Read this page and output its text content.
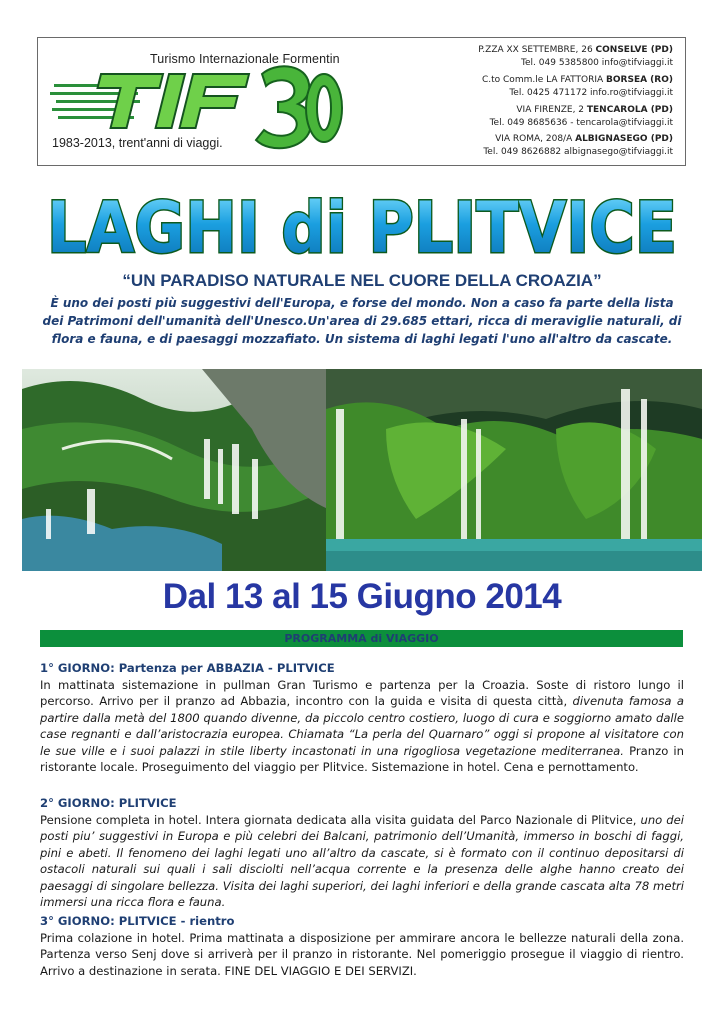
Turismo Internazionale Formentin
1983-2013, trent'anni di viaggi.
P.ZZA XX SETTEMBRE, 26 CONSELVE (PD)
Tel. 049 5385800 info@tifviaggi.it
C.to Comm.le LA FATTORIA BORSEA (RO)
Tel. 0425 471172 info.ro@tifviaggi.it
VIA FIRENZE, 2 TENCAROLA (PD)
Tel. 049 8685636 - tencarola@tifviaggi.it
VIA ROMA, 208/A ALBIGNASEGO (PD)
Tel. 049 8626882 albignasego@tifviaggi.it
LAGHI di PLITVICE
“UN PARADISO NATURALE NEL CUORE DELLA CROAZIA”
È uno dei posti più suggestivi dell'Europa, e forse del mondo. Non a caso fa parte della lista dei Patrimoni dell'umanità dell'Unesco.Un'area di 29.685 ettari, ricca di meraviglie naturali, di flora e fauna, e di paesaggi mozzafiato. Un sistema di laghi legati l'uno all'altro da cascate.
Dal 13 al 15 Giugno 2014
PROGRAMMA di VIAGGIO
1° GIORNO: Partenza per ABBAZIA - PLITVICE

In mattinata sistemazione in pullman Gran Turismo e partenza per la Croazia. Soste di ristoro lungo il percorso. Arrivo per il pranzo ad Abbazia, incontro con la guida e visita di questa città, divenuta famosa a partire dalla metà del 1800 quando divenne, da piccolo centro costiero, luogo di cura e soggiorno amato dalle case regnanti e dall’aristocrazia europea. Chiamata “La perla del Quarnaro” oggi si propone al visitatore con le sue ville e i suoi palazzi in stile liberty incastonati in una rigogliosa vegetazione mediterranea. Pranzo in ristorante locale. Proseguimento del viaggio per Plitvice. Sistemazione in hotel. Cena e pernottamento.

2° GIORNO: PLITVICE

Pensione completa in hotel. Intera giornata dedicata alla visita guidata del Parco Nazionale di Plitvice, uno dei posti piu’ suggestivi in Europa e più celebri dei Balcani, patrimonio dell’Umanità, immerso in boschi di faggi, pini e abeti. Il fenomeno dei laghi legati uno all’altro da cascate, si è formato con il continuo depositarsi di ostacoli naturali sui quali i sali disciolti nell’acqua corrente e la presenza delle alghe hanno creato dei paesaggi di singolare bellezza. Visita dei laghi superiori, dei laghi inferiori e della grande cascata alta 78 metri immersi una ricca flora e fauna.

3° GIORNO: PLITVICE - rientro

Prima colazione in hotel. Prima mattinata a disposizione per ammirare ancora le bellezze naturali della zona. Partenza verso Senj dove si arriverà per il pranzo in ristorante. Nel pomeriggio prosegue il viaggio di rientro. Arrivo a destinazione in serata. FINE DEL VIAGGIO E DEI SERVIZI.
